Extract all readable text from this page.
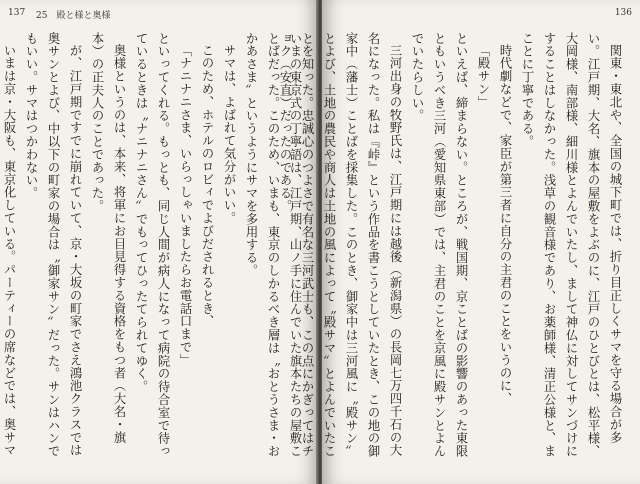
137 25　殿と様と奥様

いまの東京式の丁寧語は、江戸期、山ノ手に住んでいた旗本たちの屋敷ことばだった。このため、いまも、東京のしかるべき層は〝おとうさま・おかあさま〟というようにサマを多用する。

サマは、よばれて気分がいい。

このため、ホテルのロビィでよびだされるとき、

「ナニナニさま、いらっしゃいましたらお電話口まで」

といってくれる。もっとも、同じ人間が病人になって病院の待合室で待っているときは〝ナニナニさん〟でもってひったてられてゆく。

奥様というのは、本来、将軍にお目見得する資格をもつ者（大名・旗本）の正夫人のことであった。

が、江戸期ですでに崩れていて、京・大坂の町家でさえ鴻池クラスでは奥サンとよび、中以下の町家の場合は〝御家サン〟だった。サンはハンでもいい。サマはつかわない。

いまは京・大阪も、東京化している。パーティーの席などでは、奥サマ

136

関東・東北や、全国の城下町では、折り目正しくサマを守る場合が多い。江戸期、大名、旗本の屋敷をよぶのに、江戸のひとびとは、松平様、大岡様、南部様、細川様とよんでいたし、まして神仏に対してサンづけにすることはしなかった。浅草の観音様であり、お薬師様、清正公様と、まことに丁寧である。

時代劇などで、家臣が第三者に自分の主君のことをいうのに、

「殿サン」

といえば、締まらない。ところが、戦国期、京ことばの影響のあった東限ともいうべき三河（愛知県東部）では、主君のことを京風に殿サンとよんでいたらしい。

三河出身の牧野氏は、江戸期には越後（新潟県）の長岡七万四千石の大名になった。私は『峠』という作品を書こうとしていたとき、この地の御家中（藩士）ことばを採集した。このとき、御家中は三河風に〝殿サン〟とよび、土地の農民や商人は土地の風によって〝殿サマ〟とよんでいたことを知った。忠誠心のつよさで有名な三河武士も、この点にかぎってはチョク（安直）だったのである。
